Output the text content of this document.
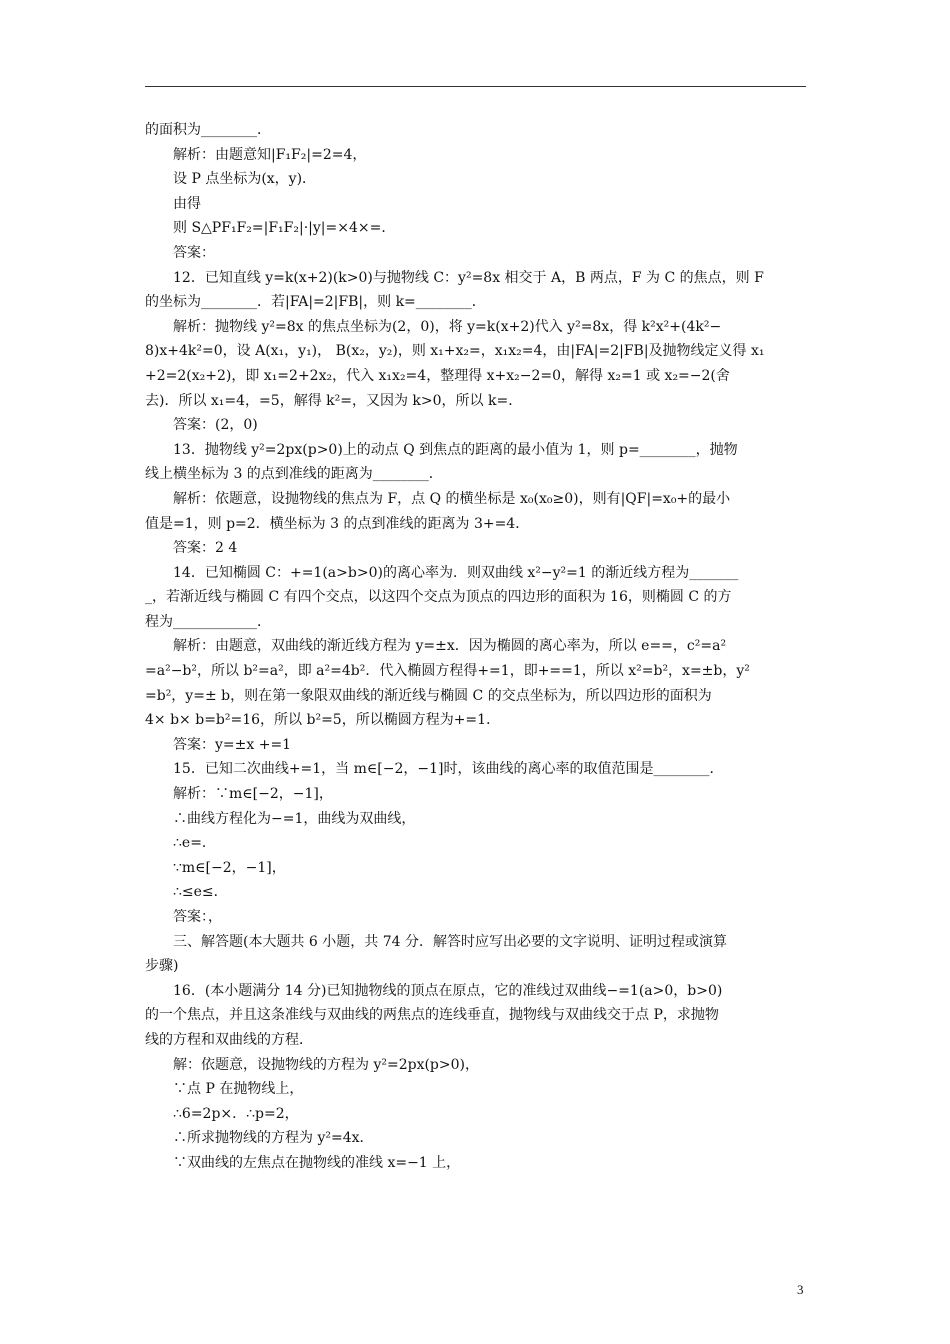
的面积为________．
解析：由题意知|F₁F₂|=2=4，
设 P 点坐标为(x，y)．
由得
则 S△PF₁F₂=|F₁F₂|·|y|=×4×=．
答案：
12．已知直线 y=k(x+2)(k>0)与抛物线 C：y²=8x 相交于 A，B 两点，F 为 C 的焦点，则 F
的坐标为________．若|FA|=2|FB|，则 k=________．
解析：抛物线 y²=8x 的焦点坐标为(2，0)，将 y=k(x+2)代入 y²=8x，得 k²x²+(4k²−
8)x+4k²=0，设 A(x₁，y₁)， B(x₂，y₂)，则 x₁+x₂=，x₁x₂=4，由|FA|=2|FB|及抛物线定义得 x₁
+2=2(x₂+2)，即 x₁=2+2x₂，代入 x₁x₂=4，整理得 x+x₂−2=0，解得 x₂=1 或 x₂=−2(舍
去)．所以 x₁=4，=5，解得 k²=，又因为 k>0，所以 k=．
答案：(2，0)
13．抛物线 y²=2px(p>0)上的动点 Q 到焦点的距离的最小值为 1，则 p=________，抛物
线上横坐标为 3 的点到准线的距离为________．
解析：依题意，设抛物线的焦点为 F，点 Q 的横坐标是 x₀(x₀≥0)，则有|QF|=x₀+的最小
值是=1，则 p=2．横坐标为 3 的点到准线的距离为 3+=4．
答案：2 4
14．已知椭圆 C：+=1(a>b>0)的离心率为．则双曲线 x²−y²=1 的渐近线方程为_______
_，若渐近线与椭圆 C 有四个交点，以这四个交点为顶点的四边形的面积为 16，则椭圆 C 的方
程为____________．
解析：由题意，双曲线的渐近线方程为 y=±x．因为椭圆的离心率为，所以 e==，c²=a²
=a²−b²，所以 b²=a²，即 a²=4b²．代入椭圆方程得+=1，即+==1，所以 x²=b²，x=±b，y²
=b²，y=± b，则在第一象限双曲线的渐近线与椭圆 C 的交点坐标为，所以四边形的面积为
4× b× b=b²=16，所以 b²=5，所以椭圆方程为+=1．
答案：y=±x +=1
15．已知二次曲线+=1，当 m∈[−2，−1]时，该曲线的离心率的取值范围是________．
解析：∵m∈[−2，−1]，
∴曲线方程化为−=1，曲线为双曲线，
∴e=．
∵m∈[−2，−1]，
∴≤e≤．
答案：，
三、解答题(本大题共 6 小题，共 74 分．解答时应写出必要的文字说明、证明过程或演算
步骤)
16．(本小题满分 14 分)已知抛物线的顶点在原点，它的准线过双曲线−=1(a>0，b>0)
的一个焦点，并且这条准线与双曲线的两焦点的连线垂直，抛物线与双曲线交于点 P，求抛物
线的方程和双曲线的方程．
解：依题意，设抛物线的方程为 y²=2px(p>0)，
∵点 P 在抛物线上，
∴6=2p×．∴p=2，
∴所求抛物线的方程为 y²=4x．
∵双曲线的左焦点在抛物线的准线 x=−1 上，
3
